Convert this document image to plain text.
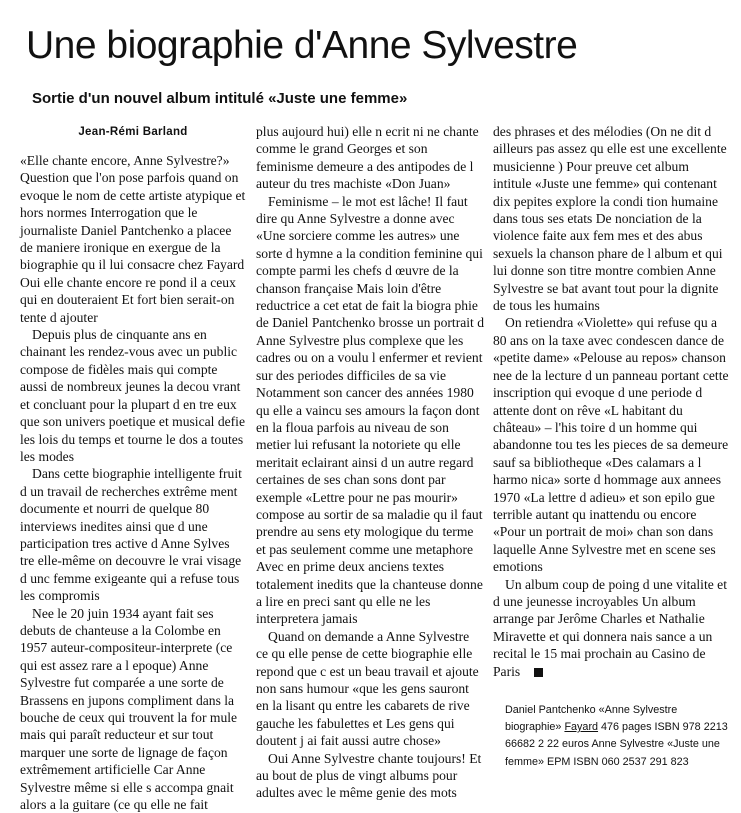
Une biographie d'Anne Sylvestre
Sortie d'un nouvel album intitulé «Juste une femme»
Jean-Rémi Barland

«Elle chante encore, Anne Sylvestre?» Question que l'on pose parfois quand on evoque le nom de cette artiste atypique et hors normes Interrogation que le journaliste Daniel Pantchenko a placee de maniere ironique en exergue de la biographie qu il lui consacre chez Fayard Oui elle chante encore re pond il a ceux qui en douteraient Et fort bien serait-on tente d ajouter

Depuis plus de cinquante ans en chainant les rendez-vous avec un public compose de fidèles mais qui compte aussi de nombreux jeunes la decou vrant et concluant pour la plupart d en tre eux que son univers poetique et musical defie les lois du temps et tourne le dos a toutes les modes

Dans cette biographie intelligente fruit d un travail de recherches extrême ment documente et nourri de quelque 80 interviews inedites ainsi que d une participation tres active d Anne Sylves tre elle-même on decouvre le vrai visage d unc femme exigeante qui a refuse tous les compromis

Nee le 20 juin 1934 ayant fait ses debuts de chanteuse a la Colombe en 1957 auteur-compositeur-interprete (ce qui est assez rare a l epoque) Anne Sylvestre fut comparée a une sorte de Brassens en jupons compliment dans la bouche de ceux qui trouvent la for mule mais qui paraît reducteur et sur tout marquer une sorte de lignage de façon extrêmement artificielle Car Anne Sylvestre même si elle s accompa gnait alors a la guitare (ce qu elle ne fait

plus aujourd hui) elle n ecrit ni ne chante comme le grand Georges et son feminisme demeure a des antipodes de l auteur du tres machiste «Don Juan»

Feminisme – le mot est lâche! Il faut dire qu Anne Sylvestre a donne avec «Une sorciere comme les autres» une sorte d hymne a la condition feminine qui compte parmi les chefs d œuvre de la chanson française Mais loin d'être reductrice a cet etat de fait la biogra phie de Daniel Pantchenko brosse un portrait d Anne Sylvestre plus complexe que les cadres ou on a voulu l enfermer et revient sur des periodes difficiles de sa vie Notamment son cancer des années 1980 qu elle a vaincu ses amours la façon dont en la floua parfois au niveau de son metier lui refusant la notoriete qu elle meritait eclairant ainsi d un autre regard certaines de ses chan sons dont par exemple «Lettre pour ne pas mourir» compose au sortir de sa maladie qu il faut prendre au sens ety mologique du terme et pas seulement comme une metaphore Avec en prime deux anciens textes totalement inedits que la chanteuse donne a lire en preci sant qu elle ne les interpretera jamais

Quand on demande a Anne Sylvestre ce qu elle pense de cette biographie elle repond que c est un beau travail et ajoute non sans humour «que les gens sauront en la lisant qu entre les cabarets de rive gauche les fabulettes et Les gens qui doutent j ai fait aussi autre chose»

Oui Anne Sylvestre chante toujours! Et au bout de plus de vingt albums pour adultes avec le même genie des mots

des phrases et des mélodies (On ne dit d ailleurs pas assez qu elle est une excellente musicienne ) Pour preuve cet album intitule «Juste une femme» qui contenant dix pepites explore la condi tion humaine dans tous ses etats De nonciation de la violence faite aux fem mes et des abus sexuels la chanson phare de l album et qui lui donne son titre montre combien Anne Sylvestre se bat avant tout pour la dignite de tous les humains

On retiendra «Violette» qui refuse qu a 80 ans on la taxe avec condescen dance de «petite dame» «Pelouse au repos» chanson nee de la lecture d un panneau portant cette inscription qui evoque d une periode d attente dont on rêve «L habitant du château» – l'his toire d un homme qui abandonne tou tes les pieces de sa demeure sauf sa bibliotheque «Des calamars a l harmo nica» sorte d hommage aux annees 1970 «La lettre d adieu» et son epilo gue terrible autant qu inattendu ou encore «Pour un portrait de moi» chan son dans laquelle Anne Sylvestre met en scene ses emotions

Un album coup de poing d une vitalite et d une jeunesse incroyables Un album arrange par Jerôme Charles et Nathalie Miravette et qui donnera nais sance a un recital le 15 mai prochain au Casino de Paris

Daniel Pantchenko «Anne Sylvestre biographie» Fayard 476 pages ISBN 978 2213 66682 2 22 euros Anne Sylvestre «Juste une femme» EPM ISBN 060 2537 291 823
